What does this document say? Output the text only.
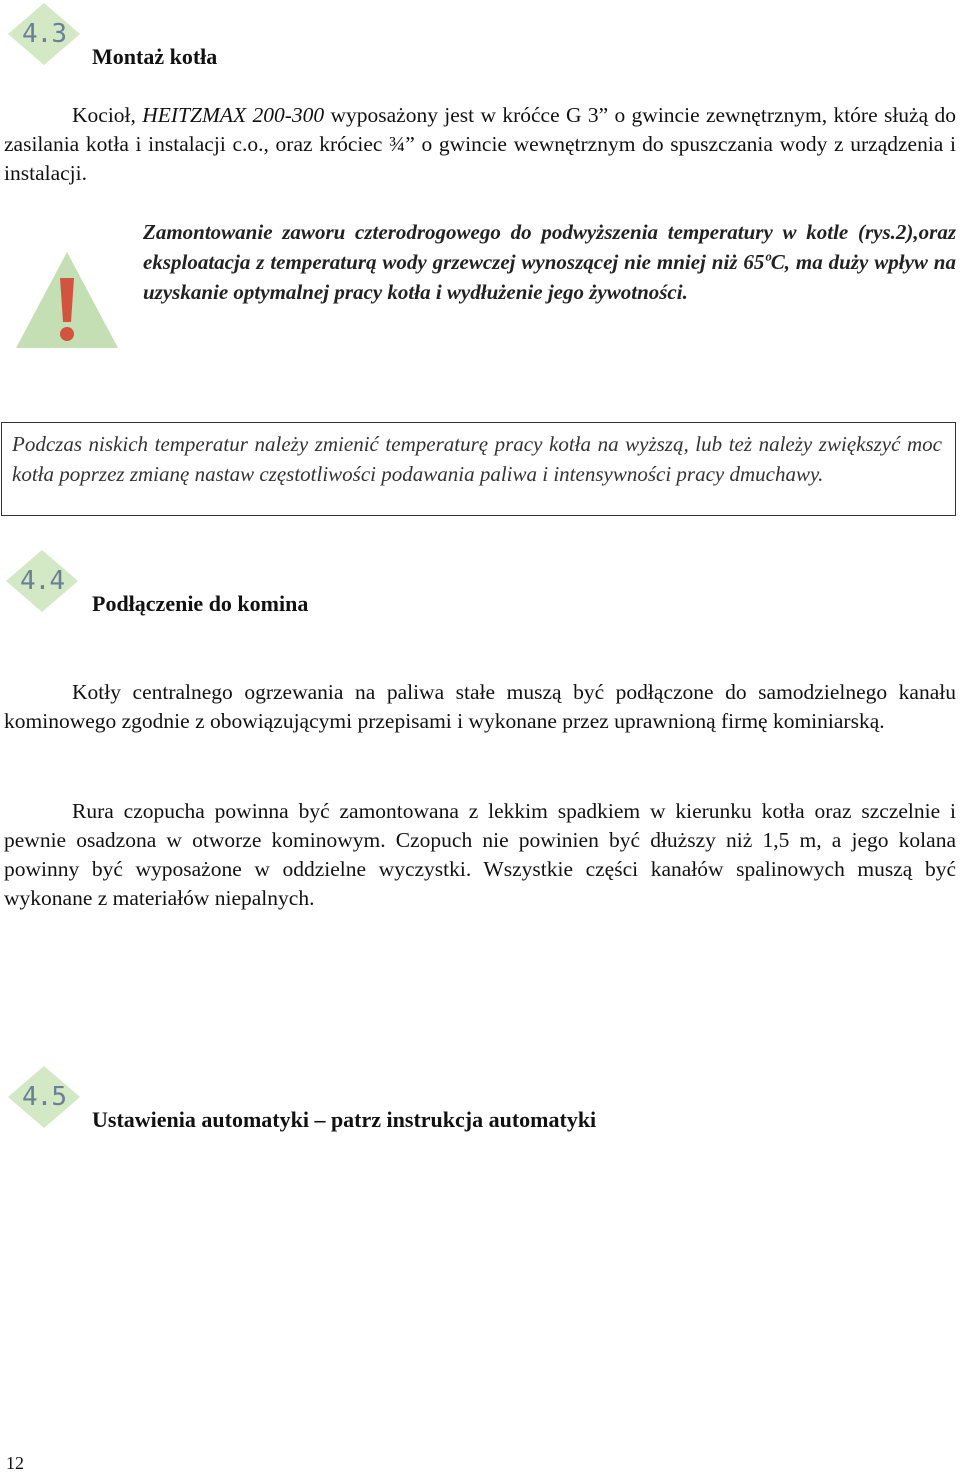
4.3
Montaż kotła

Kocioł, HEITZMAX 200-300 wyposażony jest w króćce G 3” o gwincie zewnętrznym, które służą do zasilania kotła i instalacji c.o., oraz króciec ¾” o gwincie wewnętrznym do spuszczania wody z urządzenia i instalacji.

Zamontowanie zaworu czterodrogowego do podwyższenia temperatury w kotle (rys.2),oraz eksploatacja z temperaturą wody grzewczej wynoszącej nie mniej niż 65ºC, ma duży wpływ na uzyskanie optymalnej pracy kotła i wydłużenie jego żywotności.

Podczas niskich temperatur należy zmienić temperaturę pracy kotła na wyższą, lub też należy zwiększyć moc kotła poprzez zmianę nastaw częstotliwości podawania paliwa i intensywności pracy dmuchawy.

4.4
Podłączenie do komina

Kotły centralnego ogrzewania na paliwa stałe muszą być podłączone do samodzielnego kanału kominowego zgodnie z obowiązującymi przepisami i wykonane przez uprawnioną firmę kominiarską.

Rura czopucha powinna być zamontowana z lekkim spadkiem w kierunku kotła oraz szczelnie i pewnie osadzona w otworze kominowym. Czopuch nie powinien być dłuższy niż 1,5 m, a jego kolana powinny być wyposażone w oddzielne wyczystki. Wszystkie części kanałów spalinowych muszą być wykonane z materiałów niepalnych.

4.5
Ustawienia automatyki – patrz instrukcja automatyki
12
